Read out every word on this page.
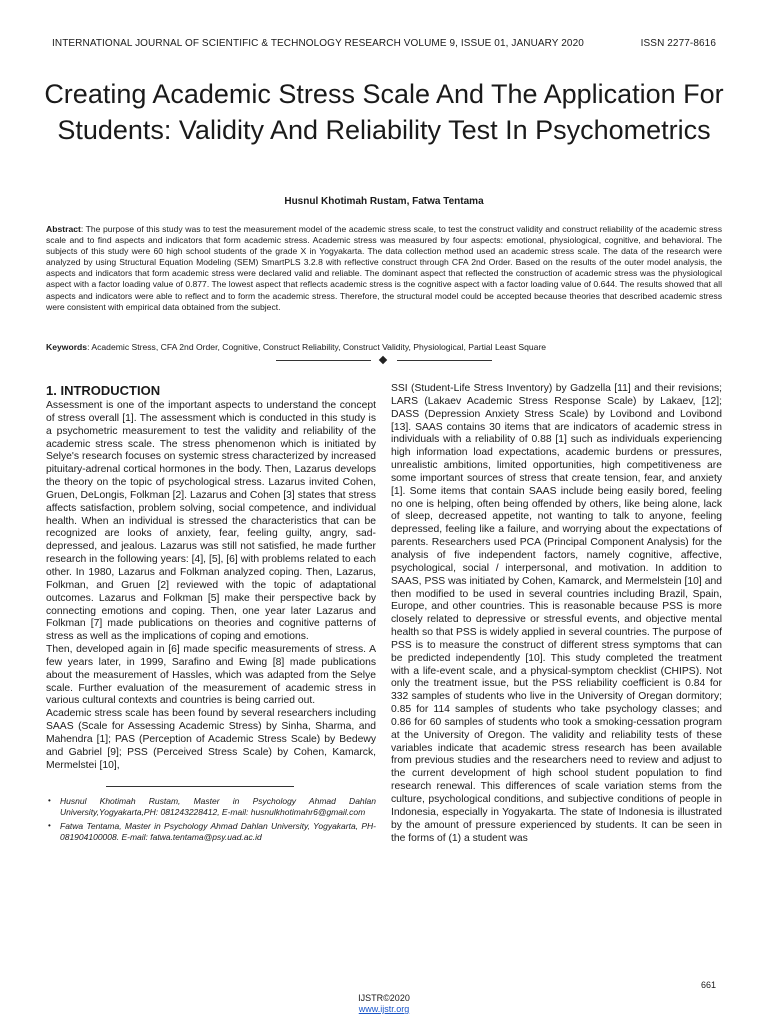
INTERNATIONAL JOURNAL OF SCIENTIFIC & TECHNOLOGY RESEARCH VOLUME 9, ISSUE 01, JANUARY 2020	ISSN 2277-8616
Creating Academic Stress Scale And The Application For Students: Validity And Reliability Test In Psychometrics
Husnul Khotimah Rustam, Fatwa Tentama

Abstract: The purpose of this study was to test the measurement model of the academic stress scale, to test the construct validity and construct reliability of the academic stress scale and to find aspects and indicators that form academic stress. Academic stress was measured by four aspects: emotional, physiological, cognitive, and behavioral. The subjects of this study were 60 high school students of the grade X in Yogyakarta. The data collection method used an academic stress scale. The data of the research were analyzed by using Structural Equation Modeling (SEM) SmartPLS 3.2.8 with reflective construct through CFA 2nd Order. Based on the results of the outer model analysis, the aspects and indicators that form academic stress were declared valid and reliable. The dominant aspect that reflected the construction of academic stress was the physiological aspect with a factor loading value of 0.877. The lowest aspect that reflects academic stress is the cognitive aspect with a factor loading value of 0.644. The results showed that all aspects and indicators were able to reflect and to form the academic stress. Therefore, the structural model could be accepted because theories that described academic stress were consistent with empirical data obtained from the subject.

Keywords: Academic Stress, CFA 2nd Order, Cognitive, Construct Reliability, Construct Validity, Physiological, Partial Least Square

1. INTRODUCTION

Assessment is one of the important aspects to understand the concept of stress overall [1]. The assessment which is conducted in this study is a psychometric measurement to test the validity and reliability of the academic stress scale. The stress phenomenon which is initiated by Selye's research focuses on systemic stress characterized by increased pituitary-adrenal cortical hormones in the body. Then, Lazarus develops the theory on the topic of psychological stress. Lazarus invited Cohen, Gruen, DeLongis, Folkman [2]. Lazarus and Cohen [3] states that stress affects satisfaction, problem solving, social competence, and individual health. When an individual is stressed the characteristics that can be recognized are looks of anxiety, fear, feeling guilty, angry, sad-depressed, and jealous. Lazarus was still not satisfied, he made further research in the following years: [4], [5], [6] with problems related to each other. In 1980, Lazarus and Folkman analyzed coping. Then, Lazarus, Folkman, and Gruen [2] reviewed with the topic of adaptational outcomes. Lazarus and Folkman [5] make their perspective back by connecting emotions and coping. Then, one year later Lazarus and Folkman [7] made publications on theories and cognitive patterns of stress as well as the implications of coping and emotions.

Then, developed again in [6] made specific measurements of stress. A few years later, in 1999, Sarafino and Ewing [8] made publications about the measurement of Hassles, which was adapted from the Selye scale. Further evaluation of the measurement of academic stress in various cultural contexts and countries is being carried out.

Academic stress scale has been found by several researchers including SAAS (Scale for Assessing Academic Stress) by Sinha, Sharma, and Mahendra [1]; PAS (Perception of Academic Stress Scale) by Bedewy and Gabriel [9]; PSS (Perceived Stress Scale) by Cohen, Kamarck, Mermelstei [10],

• Husnul Khotimah Rustam, Master in Psychology Ahmad Dahlan University,Yogyakarta,PH: 081243228412, E-mail: husnulkhotimahr6@gmail.com
• Fatwa Tentama, Master in Psychology Ahmad Dahlan University, Yogyakarta, PH-081904100008. E-mail: fatwa.tentama@psy.uad.ac.id

SSI (Student-Life Stress Inventory) by Gadzella [11] and their revisions; LARS (Lakaev Academic Stress Response Scale) by Lakaev, [12]; DASS (Depression Anxiety Stress Scale) by Lovibond and Lovibond [13]. SAAS contains 30 items that are indicators of academic stress in individuals with a reliability of 0.88 [1] such as individuals experiencing high information load expectations, academic burdens or pressures, unrealistic ambitions, limited opportunities, high competitiveness are some important sources of stress that create tension, fear, and anxiety [1]. Some items that contain SAAS include being easily bored, feeling no one is helping, often being offended by others, like being alone, lack of sleep, decreased appetite, not wanting to talk to anyone, feeling depressed, feeling like a failure, and worrying about the expectations of parents. Researchers used PCA (Principal Component Analysis) for the analysis of five independent factors, namely cognitive, affective, psychological, social / interpersonal, and motivation. In addition to SAAS, PSS was initiated by Cohen, Kamarck, and Mermelstein [10] and then modified to be used in several countries including Brazil, Spain, Europe, and other countries. This is reasonable because PSS is more closely related to depressive or stressful events, and objective mental health so that PSS is widely applied in several countries. The purpose of PSS is to measure the construct of different stress symptoms that can be predicted independently [10]. This study completed the treatment with a life-event scale, and a physical-symptom checklist (CHIPS). Not only the treatment issue, but the PSS reliability coefficient is 0.84 for 332 samples of students who live in the University of Oregan dormitory; 0.85 for 114 samples of students who take psychology classes; and 0.86 for 60 samples of students who took a smoking-cessation program at the University of Oregon. The validity and reliability tests of these variables indicate that academic stress research has been available from previous studies and the researchers need to review and adjust to the current development of high school student population to find research renewal. This differences of scale variation stems from the culture, psychological conditions, and subjective conditions of people in Indonesia, especially in Yogyakarta. The state of Indonesia is illustrated by the amount of pressure experienced by students. It can be seen in the forms of (1) a student was

661
IJSTR©2020
www.ijstr.org
